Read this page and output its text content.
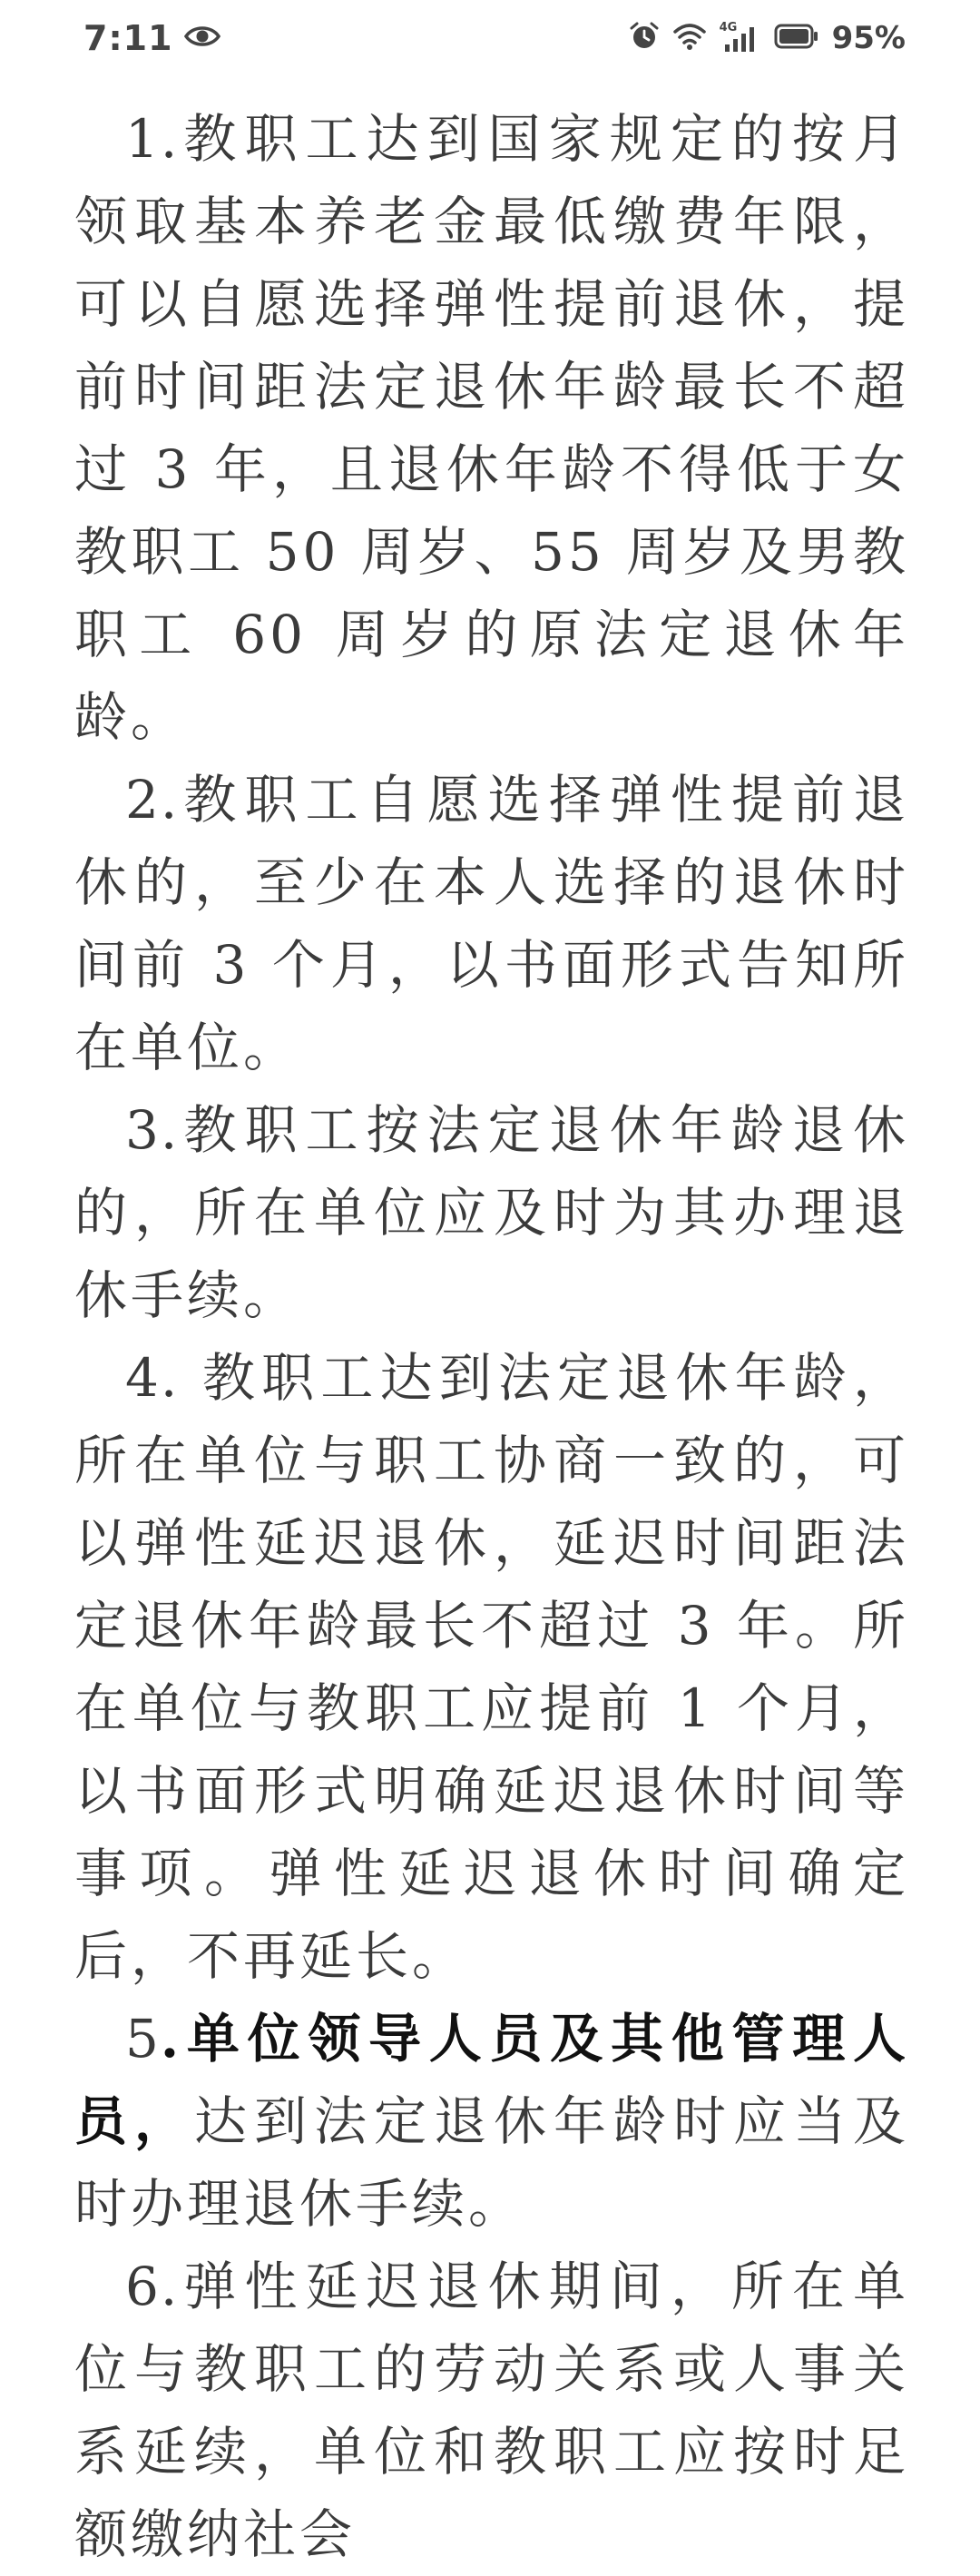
7:11	4G	95%

1.教职工达到国家规定的按月领取基本养老金最低缴费年限，可以自愿选择弹性提前退休，提前时间距法定退休年龄最长不超过 3 年，且退休年龄不得低于女教职工 50 周岁、55 周岁及男教职工 60 周岁的原法定退休年龄。

2.教职工自愿选择弹性提前退休的，至少在本人选择的退休时间前 3 个月，以书面形式告知所在单位。

3.教职工按法定退休年龄退休的，所在单位应及时为其办理退休手续。

4. 教职工达到法定退休年龄，所在单位与职工协商一致的，可以弹性延迟退休，延迟时间距法定退休年龄最长不超过 3 年。所在单位与教职工应提前 1 个月，以书面形式明确延迟退休时间等事项。弹性延迟退休时间确定后，不再延长。

5.单位领导人员及其他管理人员，达到法定退休年龄时应当及时办理退休手续。

6.弹性延迟退休期间，所在单位与教职工的劳动关系或人事关系延续，单位和教职工应按时足额缴纳社会
